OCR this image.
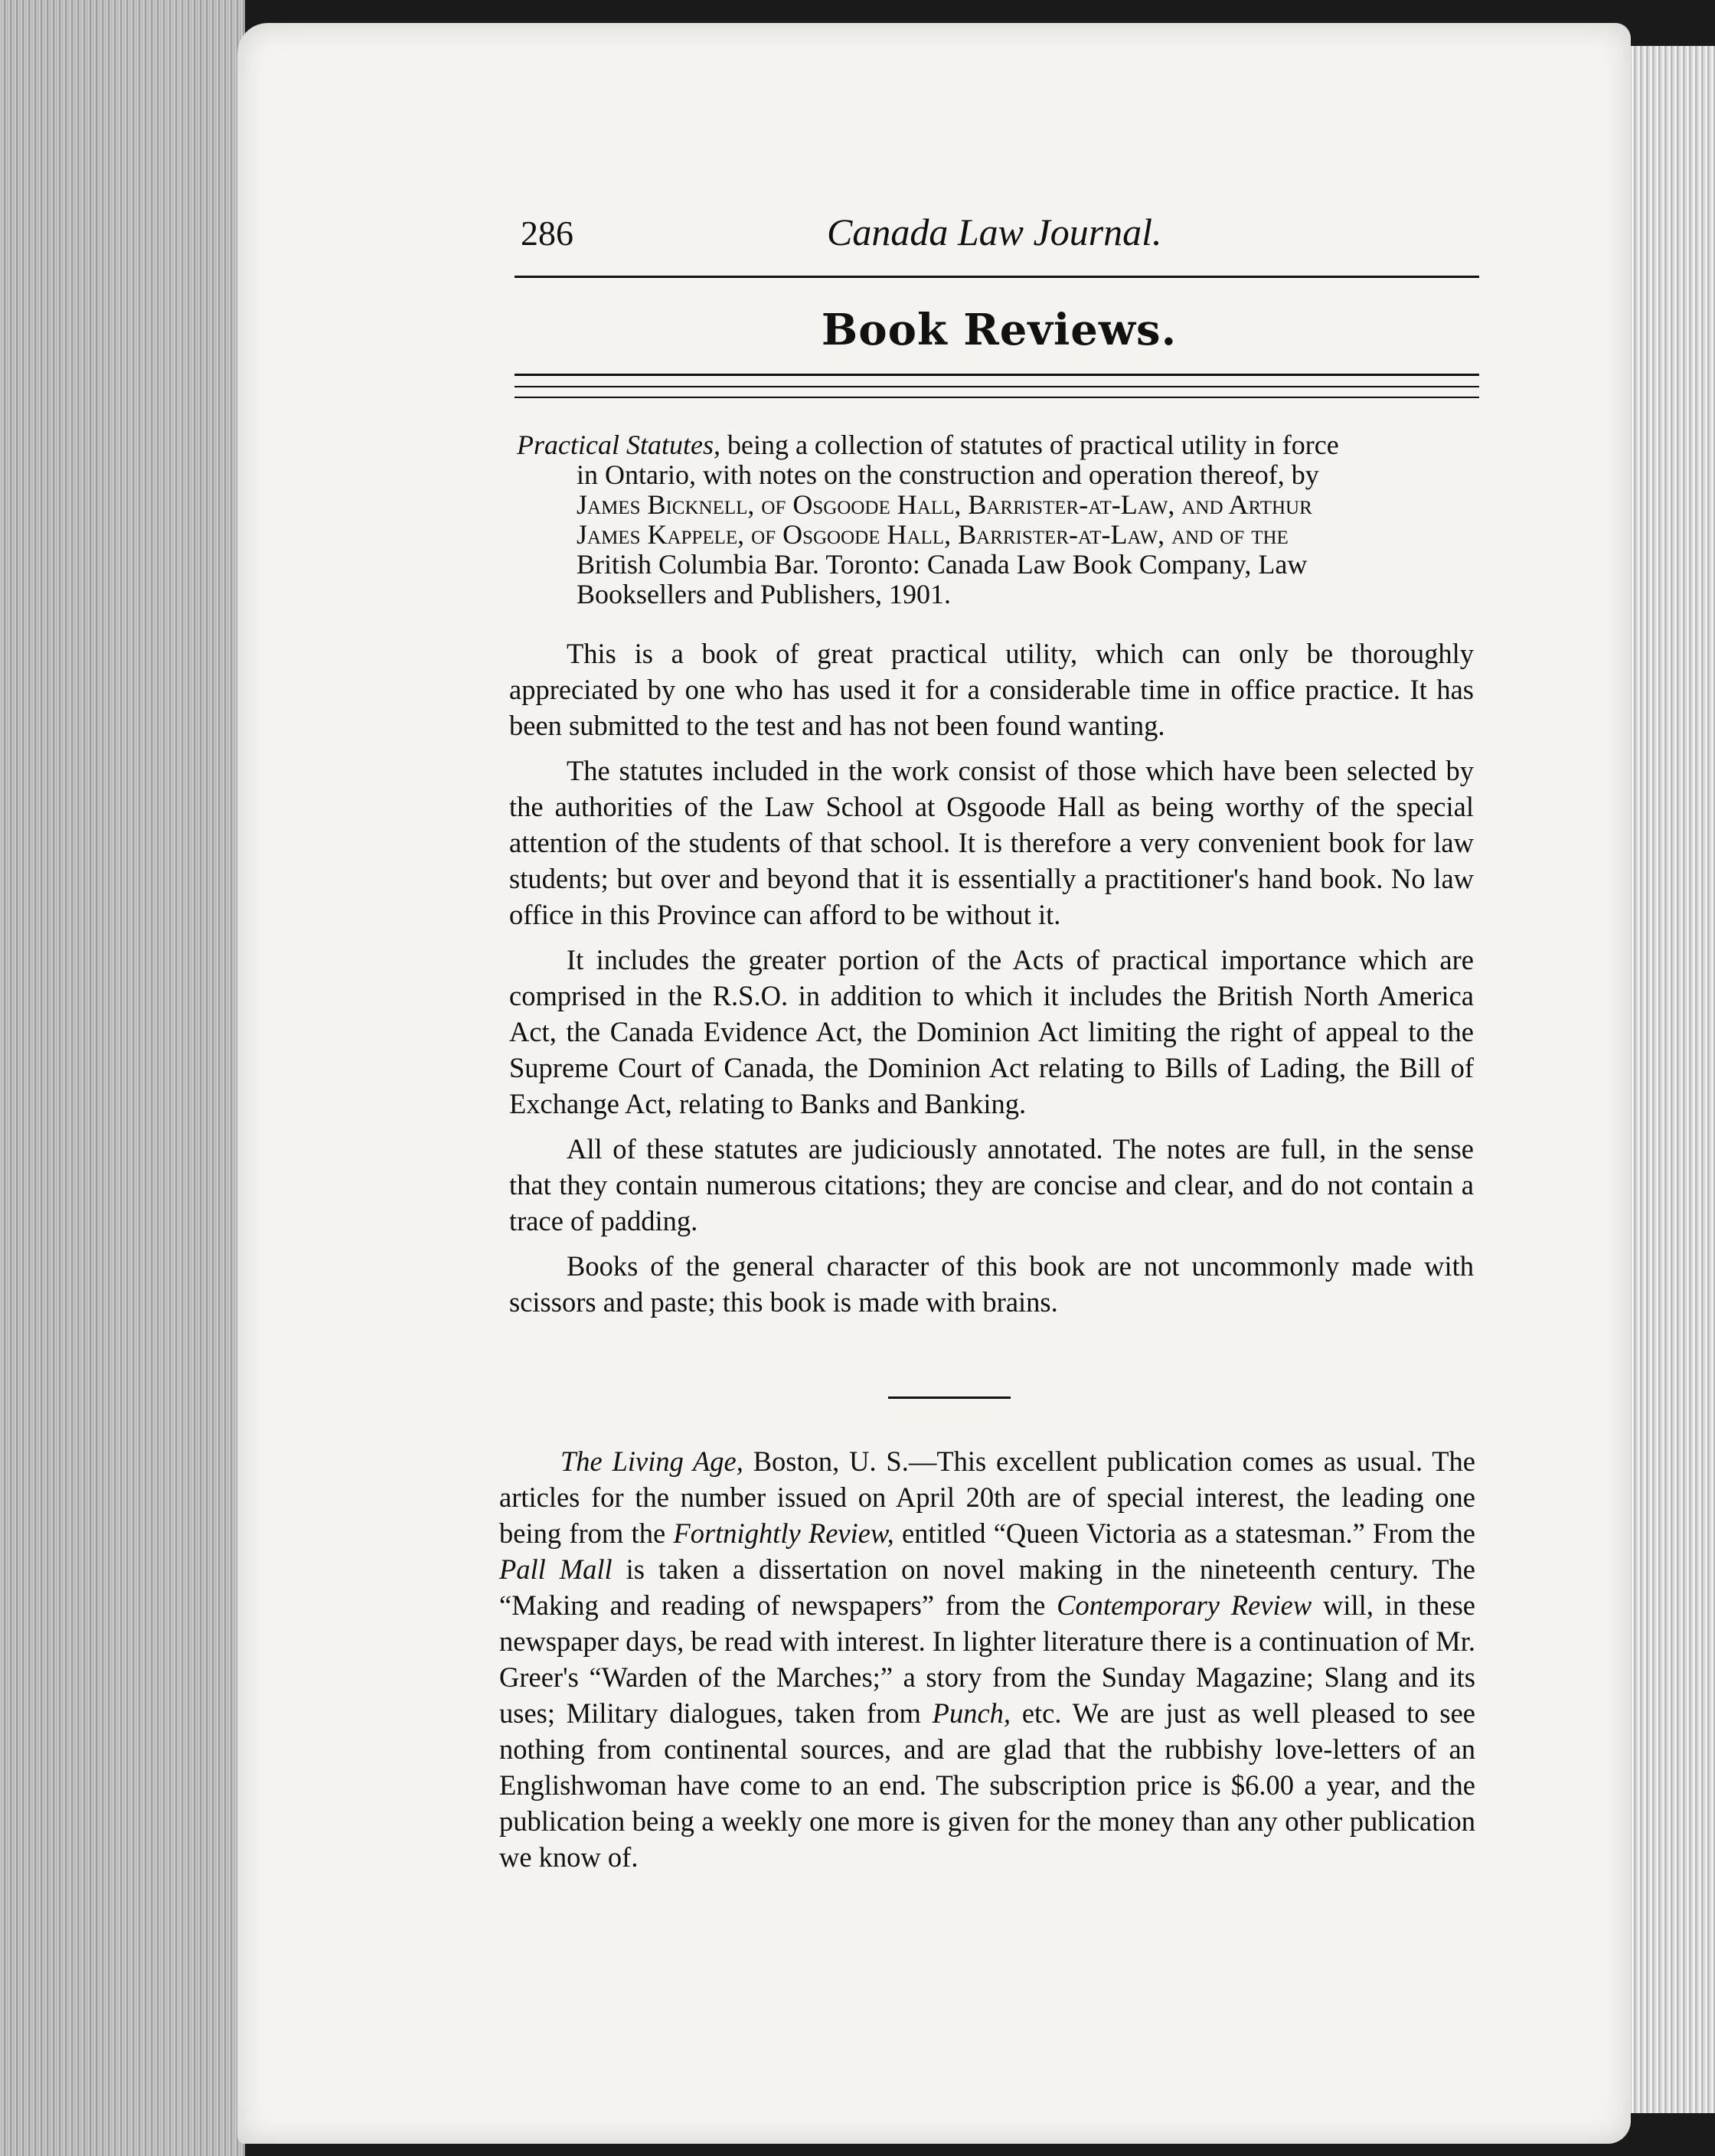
286	Canada Law Journal.
Book Reviews.
Practical Statutes, being a collection of statutes of practical utility in force
in Ontario, with notes on the construction and operation thereof, by
James Bicknell, of Osgoode Hall, Barrister-at-Law, and Arthur
James Kappele, of Osgoode Hall, Barrister-at-Law, and of the
British Columbia Bar. Toronto: Canada Law Book Company, Law
Booksellers and Publishers, 1901.

This is a book of great practical utility, which can only be thoroughly appreciated by one who has used it for a considerable time in office practice. It has been submitted to the test and has not been found wanting.

The statutes included in the work consist of those which have been selected by the authorities of the Law School at Osgoode Hall as being worthy of the special attention of the students of that school. It is therefore a very convenient book for law students; but over and beyond that it is essentially a practitioner's hand book. No law office in this Province can afford to be without it.

It includes the greater portion of the Acts of practical importance which are comprised in the R.S.O. in addition to which it includes the British North America Act, the Canada Evidence Act, the Dominion Act limiting the right of appeal to the Supreme Court of Canada, the Dominion Act relating to Bills of Lading, the Bill of Exchange Act, relating to Banks and Banking.

All of these statutes are judiciously annotated. The notes are full, in the sense that they contain numerous citations; they are concise and clear, and do not contain a trace of padding.

Books of the general character of this book are not uncommonly made with scissors and paste; this book is made with brains.

The Living Age, Boston, U. S.—This excellent publication comes as usual. The articles for the number issued on April 20th are of special interest, the leading one being from the Fortnightly Review, entitled “Queen Victoria as a statesman.” From the Pall Mall is taken a dissertation on novel making in the nineteenth century. The “Making and reading of newspapers” from the Contemporary Review will, in these newspaper days, be read with interest. In lighter literature there is a continuation of Mr. Greer's “Warden of the Marches;” a story from the Sunday Magazine; Slang and its uses; Military dialogues, taken from Punch, etc. We are just as well pleased to see nothing from continental sources, and are glad that the rubbishy love-letters of an Englishwoman have come to an end. The subscription price is $6.00 a year, and the publication being a weekly one more is given for the money than any other publication we know of.
